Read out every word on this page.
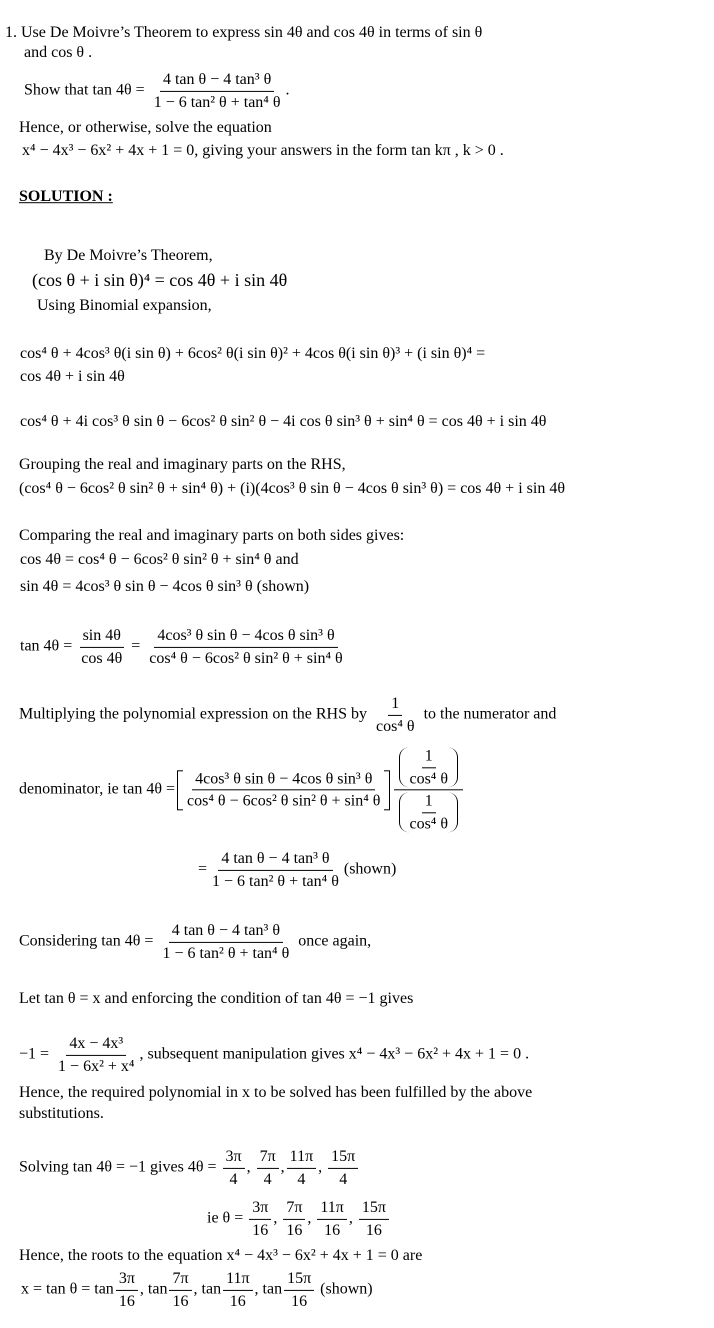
1. Use De Moivre’s Theorem to express sin 4θ and cos 4θ in terms of sin θ
and cos θ .
Show that $\tan 4\theta = \frac{\text{4 tan θ − 4 tan³ θ}}{\text{1 − 6 tan² θ + tan⁴ θ}}$ .
Hence, or otherwise, solve the equation
x⁴ − 4x³ − 6x² + 4x + 1 = 0, giving your answers in the form tan kπ , k > 0 .
SOLUTION :
By De Moivre’s Theorem,
(cos θ + i sin θ)⁴ = cos 4θ + i sin 4θ
Using Binomial expansion,
cos⁴ θ + 4cos³ θ(i sin θ) + 6cos² θ(i sin θ)² + 4cos θ(i sin θ)³ + (i sin θ)⁴ =
cos 4θ + i sin 4θ
cos⁴ θ + 4i cos³ θ sin θ − 6cos² θ sin² θ − 4i cos θ sin³ θ + sin⁴ θ = cos 4θ + i sin 4θ
Grouping the real and imaginary parts on the RHS,
(cos⁴ θ − 6cos² θ sin² θ + sin⁴ θ) + (i)(4cos³ θ sin θ − 4cos θ sin³ θ) = cos 4θ + i sin 4θ
Comparing the real and imaginary parts on both sides gives:
cos 4θ = cos⁴ θ − 6cos² θ sin² θ + sin⁴ θ and
sin 4θ = 4cos³ θ sin θ − 4cos θ sin³ θ (shown)
$\tan 4\theta = \frac{\sin 4\theta}{\cos 4\theta} = \frac{\text{4cos³ θ sin θ − 4cos θ sin³ θ}}{\text{cos⁴ θ − 6cos² θ sin² θ + sin⁴ θ}}$
Multiplying the polynomial expression on the RHS by $\frac{1}{\text{cos⁴ θ}}$ to the numerator and
denominator, ie $\tan 4\theta = \frac{\text{4cos³ θ sin θ − 4cos θ sin³ θ}}{\text{cos⁴ θ − 6cos² θ sin² θ + sin⁴ θ}} \frac{\frac{1}{\text{cos⁴ θ}}}{\frac{1}{\text{cos⁴ θ}}}$
= $\frac{\text{4 tan θ − 4 tan³ θ}}{\text{1 − 6 tan² θ + tan⁴ θ}}$ (shown)
Considering $\tan 4\theta = \frac{\text{4 tan θ − 4 tan³ θ}}{\text{1 − 6 tan² θ + tan⁴ θ}}$ once again,
Let tan θ = x and enforcing the condition of tan 4θ = −1 gives
$-1 = \frac{\text{4x − 4x³}}{\text{1 − 6x² + x⁴}}$ , subsequent manipulation gives x⁴ − 4x³ − 6x² + 4x + 1 = 0 .
Hence, the required polynomial in x to be solved has been fulfilled by the above
substitutions.
Solving tan 4θ = −1 gives $4\theta = \frac{3\pi}{4}$ , $\frac{7\pi}{4}$ , $\frac{11\pi}{4}$ , $\frac{15\pi}{4}$
ie $\theta = \frac{3\pi}{16}$ , $\frac{7\pi}{16}$ , $\frac{11\pi}{16}$ , $\frac{15\pi}{16}$
Hence, the roots to the equation x⁴ − 4x³ − 6x² + 4x + 1 = 0 are
$x = \tan \theta = \tan \frac{3\pi}{16}$ , $\tan \frac{7\pi}{16}$ , $\tan \frac{11\pi}{16}$ , $\tan \frac{15\pi}{16}$ (shown)
